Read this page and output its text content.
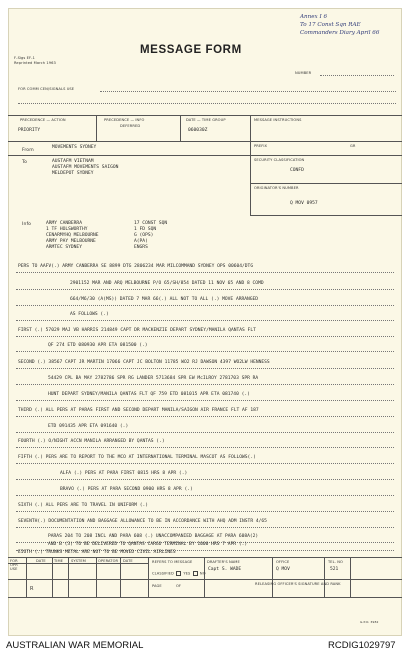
Annex I 6
To 17 Const Sqn RAE
Commanders Diary April 66
F-Sigs EF-1
Reprinted March 1963
MESSAGE FORM
NUMBER
FOR COMM CEN/SIGNALS USE
PRECEDENCE — ACTION	PRECEDENCE — INFO	DATE — TIME GROUP	MESSAGE INSTRUCTIONS
PRIORITY
DEFERRED
060030Z
PREFIX	GR
From
MOVEMENTS SYDNEY
To	AUSTAFM VIETNAM
AUSTAFM MOVEMENTS SAIGON
MELDEPOT SYDNEY
SECURITY CLASSIFICATION
CONFD
ORIGINATOR'S NUMBER
Q MOV 0957
Info	ARMY CANBERRA
1 TF HOLSWORTHY
CENARMYHQ MELBOURNE
ARMY PAY MELBOURNE
ARMTEC SYDNEY
17 CONST SQN
1 FD SQN
G (OPS)
A(PA)
ENGRS
PERS TO AAFV(.) ARMY CANBERRA SE 8899 DTG 2806234 MAR MILCOMMAND SYDNEY OPS 00604/DTG
2901152 MAR AND ARQ MELBOURNE P/O 65/SH/854 DATED 11 NOV 65 AND 8 COMD
664/M6/30 (A(MS)) DATED 7 MAR 66(.) ALL NOT TO ALL (.) MOVE ARRANGED
AS FOLLOWS (.)
FIRST (.) 57029 MAJ VB HARRIS 214849 CAPT DR MACKENZIE DEPART SYDNEY/MANILA QANTAS FLT
QF 274 ETD 080930 APR ETA 081500 (.)
SECOND (.) 38567 CAPT JR MARTIN 17066 CAPT JC BOLTON 11785 WO2 RJ DAWSON 4397 WO2LW HENNESS
54429 CPL BA MAY 2782786 SPR RG LANDER 5713684 SPR EW McILROY 2781703 SPR RA
HUNT DEPART SYDNEY/MANILA QANTAS FLT QF 759 ETD 081015 APR ETA 081740 (.)
THIRD (.) ALL PERS AT PARAS FIRST AND SECOND DEPART MANILA/SAIGON AIR FRANCE FLT AF 187
ETD 091435 APR ETA 091640 (.)
FOURTH (.) O/NIGHT ACCN MANILA ARRANGED BY QANTAS (.)
FIFTH (.) PERS ARE TO REPORT TO THE MCO AT INTERNATIONAL TERMINAL MASCOT AS FOLLOWS(.)
ALFA (.) PERS AT PARA FIRST 0815 HRS 8 APR (.)
BRAVO (.) PERS AT PARA SECOND 0900 HRS 8 APR (.)
SIXTH (.) ALL PERS ARE TO TRAVEL IN UNIFORM (.)
SEVENTH(.) DOCUMENTATION AND BAGGAGE ALLOWANCE TO BE IN ACCORDANCE WITH AHQ ADM INSTR 4/65
PARAS 204 TO 208 INCL AND PARA 608 (.) UNACCOMPANIED BAGGAGE AT PARA 608A(2)
AND B (3) TO BE DELIVERED TO QANTAS CARGO TERMINAL BY 1000 HRS 7 APR (.)
EIGTH (.) TRUNKS METAL ARE NOT TO BE MOVED CIVIL AIRLINES
FOR OPR USE
DATE TIME SYSTEM	OPERATOR DATE
R
REFERS TO MESSAGE
CLASSIFIED	YES	NO
PAGE	OF
DRAFTER'S NAME
Capt S. WADE
OFFICE
Q MOV
TEL. NO
521
RELEASING OFFICER'S SIGNATURE AND RANK
G.P.O. 3982
AUSTRALIAN WAR MEMORIAL	RCDIG1029797
